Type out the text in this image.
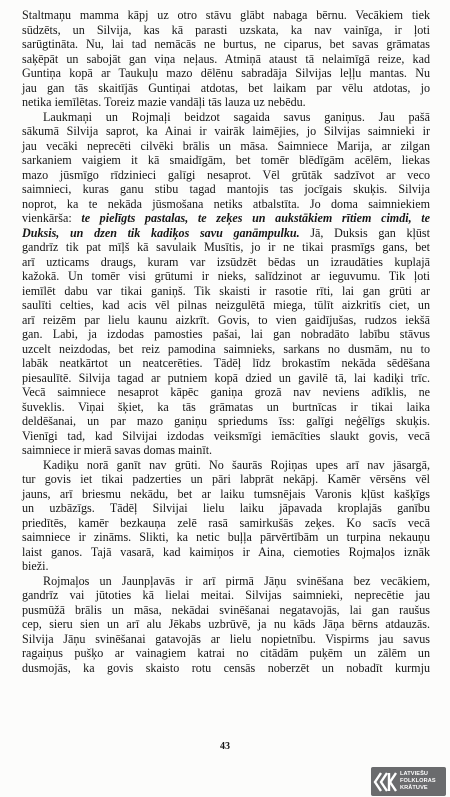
Staltmaņu mamma kāpj uz otro stāvu glābt nabaga bērnu. Vecākiem tiek
sūdzēts, un Silvija, kas kā parasti uzskata, ka nav vainīga, ir ļoti
sarūgtināta. Nu, lai tad nemācās ne burtus, ne ciparus, bet savas grāmatas
saķēpāt un sabojāt gan viņa neļaus. Atmiņā ataust tā nelaimīgā reize, kad
Guntiņa kopā ar Taukuļu mazo dēlēnu sabradāja Silvijas leļļu mantas. Nu
jau gan tās skaitījās Guntiņai atdotas, bet laikam par vēlu atdotas, jo
netika iemīlētas. Toreiz mazie vandāļi tās lauza uz nebēdu.
Laukmaņi un Rojmaļi beidzot sagaida savus ganiņus. Jau pašā
sākumā Silvija saprot, ka Ainai ir vairāk laimējies, jo Silvijas saimnieki ir
jau vecāki neprecēti cilvēki brālis un māsa. Saimniece Marija, ar zilgan
sarkaniem vaigiem it kā smaidīgām, bet tomēr blēdīgām acēlēm, liekas
mazo jūsmīgo rīdzinieci galīgi nesaprot. Vēl grūtāk sadzīvot ar veco
saimnieci, kuras ganu stibu tagad mantojis tas jocīgais skuķis. Silvija
noprot, ka te nekāda jūsmošana netiks atbalstīta. Jo doma saimniekiem
vienkārša: te pielīgts pastalas, te zeķes un aukstākiem rītiem cimdi, te
Duksis, un dzen tik kadiķos savu ganāmpulku. Jā, Duksis gan kļūst
gandrīz tik pat mīļš kā savulaik Musītis, jo ir ne tikai prasmīgs gans, bet
arī uzticams draugs, kuram var izsūdzēt bēdas un izraudāties kuplajā
kažokā. Un tomēr visi grūtumi ir nieks, salīdzinot ar ieguvumu. Tik ļoti
iemīlēt dabu var tikai ganiņš. Tik skaisti ir rasotie rīti, lai gan grūti ar
saulīti celties, kad acis vēl pilnas neizgulētā miega, tūlīt aizkritīs ciet, un
arī reizēm par lielu kaunu aizkrīt. Govis, to vien gaidījušas, rudzos iekšā
gan. Labi, ja izdodas pamosties pašai, lai gan nobradāto labību stāvus
uzcelt neizdodas, bet reiz pamodina saimnieks, sarkans no dusmām, nu to
labāk neatkārtot un neatcerēties. Tādēļ līdz brokastīm nekāda sēdēšana
piesaulītē. Silvija tagad ar putniem kopā dzied un gavilē tā, lai kadiķi trīc.
Vecā saimniece nesaprot kāpēc ganiņa grozā nav neviens adīklis, ne
šuveklis. Viņai šķiet, ka tās grāmatas un burtnīcas ir tikai laika
deldēšanai, un par mazo ganiņu spriedums īss: galīgi neģēlīgs skuķis.
Vienīgi tad, kad Silvijai izdodas veiksmīgi iemācīties slaukt govis, vecā
saimniece ir mierā savas domas mainīt.
Kadiķu norā ganīt nav grūti. No šaurās Rojiņas upes arī nav jāsargā,
tur govis iet tikai padzerties un pāri labprāt nekāpj. Kamēr vērsēns vēl
jauns, arī briesmu nekādu, bet ar laiku tumsnējais Varonis kļūst kašķīgs
un uzbāzīgs. Tādēļ Silvijai lielu laiku jāpavada kroplajās ganību
priedītēs, kamēr bezkauņa zelē rasā samirkušās zeķes. Ko sacīs vecā
saimniece ir zināms. Slikti, ka netic buļļa pārvērtībām un turpina nekauņu
laist ganos. Tajā vasarā, kad kaimiņos ir Aina, ciemoties Rojmaļos iznāk
bieži.
Rojmaļos un Jaunpļavās ir arī pirmā Jāņu svinēšana bez vecākiem,
gandrīz vai jūtoties kā lielai meitai. Silvijas saimnieki, neprecētie jau
pusmūžā brālis un māsa, nekādai svinēšanai negatavojās, lai gan raušus
cep, sieru sien un arī alu Jēkabs uzbrūvē, ja nu kāds Jāņa bērns atdauzās.
Silvija Jāņu svinēšanai gatavojās ar lielu nopietnību. Vispirms jau savus
ragaiņus pušķo ar vainagiem katrai no citādām puķēm un zālēm un
dusmojās, ka govis skaisto rotu censās noberzēt un nobadīt kurmju
43
LATVIEŠU
FOLKLORAS
KRĀTUVE
